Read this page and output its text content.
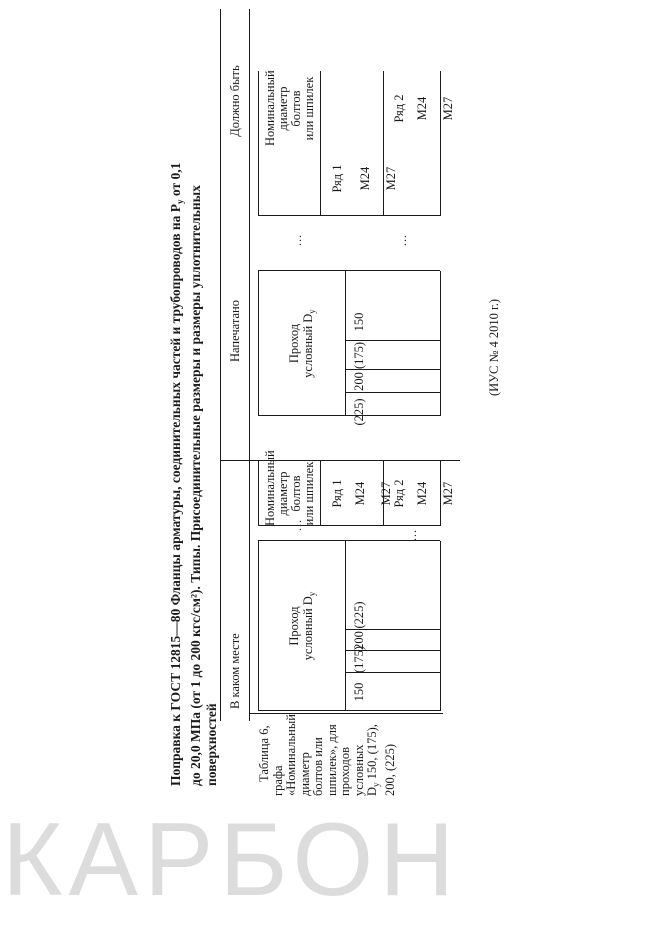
Поправка к ГОСТ 12815—80 Фланцы арматуры, соединительных частей и трубопроводов на $P_у$ от 0,1 до 20,0 МПа (от 1 до 200 кгс/см²). Типы. Присоединительные размеры и размеры уплотнительных поверхностей
В каком месте
Напечатано
Должно быть
Таблица 6, графа «Номинальный диаметр болтов или шпилек», для проходов условных $D_у$ 150, (175), 200, (225)
Проход условный $D_у$
150
(175)
200
(225)
...
...
Номинальный диаметр болтов или шпилек Ряд 1 М24 М27 Ряд 2 М24 М27
Проход условный $D_у$
150
(175)
200
(225)
...	...
Номинальный диаметр болтов или шпилек
Ряд 1 М24 М27
Ряд 2 М24 М27
(ИУС № 4 2010 г.)
КАРБОН
